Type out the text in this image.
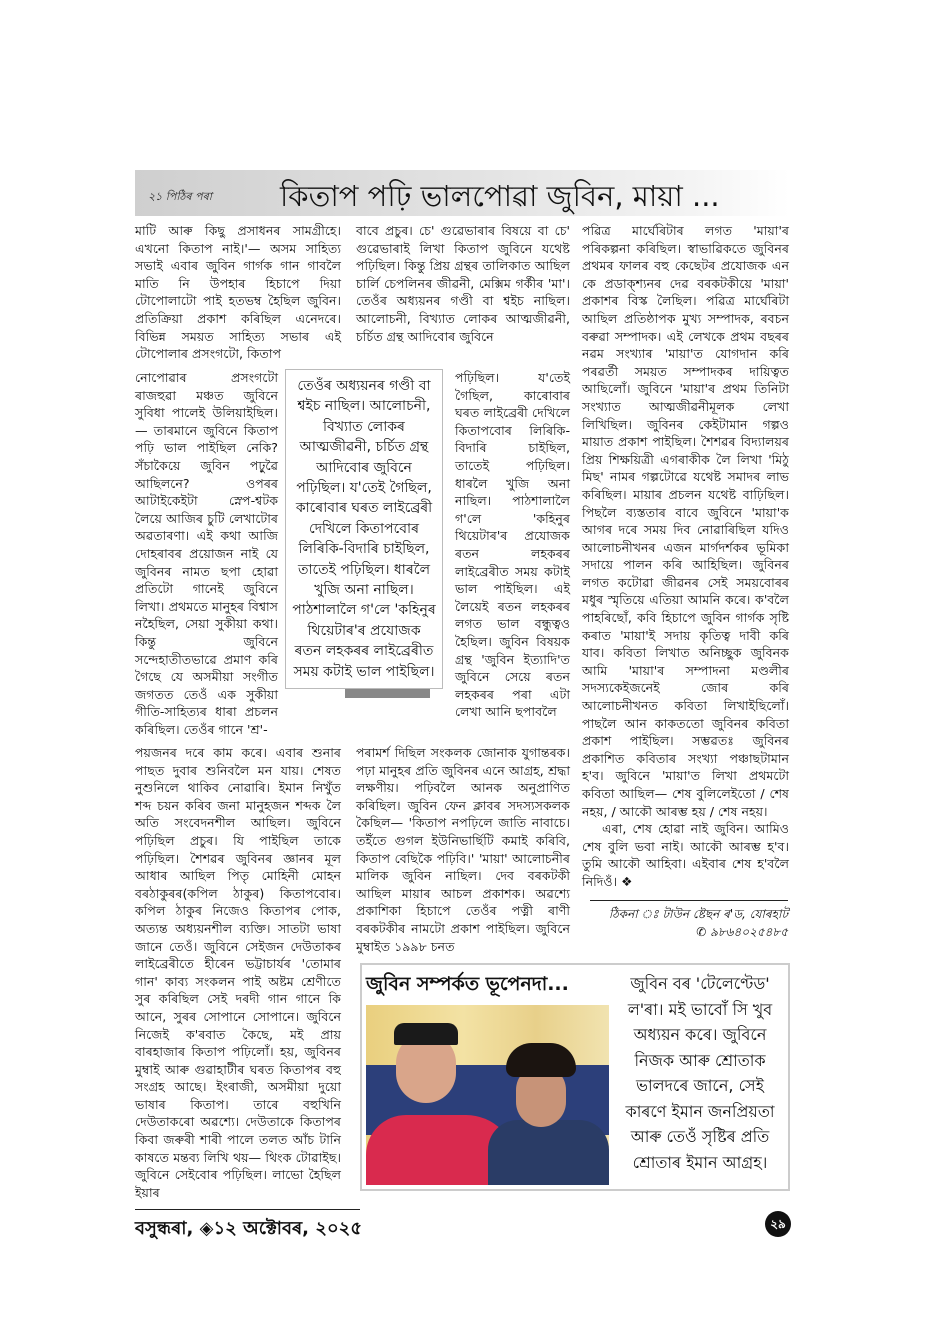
২১ পিঠিৰ পৰা কিতাপ পঢ়ি ভালপোৱা জুবিন, মায়া ...
মাটি আৰু কিছু প্ৰসাধনৰ সামগ্ৰীহে। এখনো কিতাপ নাই।'— অসম সাহিত্য সভাই এবাৰ জুবিন গাৰ্গক গান গাবলৈ মাতি নি উপহাৰ হিচাপে দিয়া টোপোলাটো পাই হতভম্ব হৈছিল জুবিন। প্ৰতিক্ৰিয়া প্ৰকাশ কৰিছিল এনেদৰে। বিভিন্ন সময়ত সাহিত্য সভাৰ এই টোপোলাৰ প্ৰসংগটো, কিতাপ
নোপোৱাৰ প্ৰসংগটো ৰাজহুৱা মঞ্চত জুবিনে সুবিধা পালেই উলিয়াইছিল।— তাৰমানে জুবিনে কিতাপ পঢ়ি ভাল পাইছিল নেকি? সঁচাকৈয়ে জুবিন পঢ়ুৱৈ আছিলনে? ওপৰৰ আটাইকেইটা স্নেপ-শ্বটক লৈয়ে আজিৰ চুটি লেখাটোৰ অৱতাৰণা। এই কথা আজি দোহৰাবৰ প্ৰয়োজন নাই যে জুবিনৰ নামত ছপা হোৱা প্ৰতিটো গানেই জুবিনে লিখা। প্ৰথমতে মানুহৰ বিশ্বাস নহৈছিল, সেয়া সুকীয়া কথা। কিন্তু জুবিনে সন্দেহাতীতভাৱে প্ৰমাণ কৰি গৈছে যে অসমীয়া সংগীত জগতত তেওঁ এক সুকীয়া গীতি-সাহিত্যৰ ধাৰা প্ৰচলন কৰিছিল। তেওঁৰ গানে 'শ্ৰ'-
পয়জনৰ দৰে কাম কৰে। এবাৰ শুনাৰ পাছত দুবাৰ শুনিবলৈ মন যায়। শেষত নুশুনিলে থাকিব নোৱাৰি। ইমান নিখুঁত শব্দ চয়ন কৰিব জনা মানুহজন শব্দক লৈ অতি সংবেদনশীল আছিল। জুবিনে পঢ়িছিল প্ৰচুৰ। যি পাইছিল তাকে পঢ়িছিল। শৈশৱৰ জুবিনৰ জ্ঞানৰ মূল আধাৰ আছিল পিতৃ মোহিনী মোহন বৰঠাকুৰৰ(কপিল ঠাকুৰ) কিতাপবোৰ। কপিল ঠাকুৰ নিজেও কিতাপৰ পোক, অত্যন্ত অধ্যয়নশীল ব্যক্তি। সাতটা ভাষা জানে তেওঁ। জুবিনে সেইজন দেউতাকৰ লাইব্ৰেৰীতে হীৰেন ভট্টাচাৰ্যৰ 'তোমাৰ গান' কাব্য সংকলন পাই অষ্টম শ্ৰেণীতে সুৰ কৰিছিল সেই দৰদী গান গানে কি আনে, সুৰৰ সোপানে সোপানে। জুবিনে নিজেই ক'ৰবাত কৈছে, মই প্ৰায় বাৰহাজাৰ কিতাপ পঢ়িলোঁ। হয়, জুবিনৰ মুম্বাই আৰু গুৱাহাটীৰ ঘৰত কিতাপৰ বহু সংগ্ৰহ আছে। ইংৰাজী, অসমীয়া দুয়ো ভাষাৰ কিতাপ। তাৰে বহুখিনি দেউতাকৰো অৱশ্যে। দেউতাকে কিতাপৰ কিবা জৰুৰী শাৰী পালে তলত আঁচ টানি কাষতে মন্তব্য লিখি থয়— থিংক টোৱাইছ। জুবিনে সেইবোৰ পঢ়িছিল। লাভো হৈছিল ইয়াৰ
বাবে প্ৰচুৰ। চে' গুৱেভাৰাৰ বিষয়ে বা চে' গুৱেভাৰাই লিখা কিতাপ জুবিনে যথেষ্ট পঢ়িছিল। কিন্তু প্ৰিয় গ্ৰন্থৰ তালিকাত আছিল চাৰ্লি চেপলিনৰ জীৱনী, মেক্সিম গৰ্কীৰ 'মা'। তেওঁৰ অধ্যয়নৰ গণ্ডী বা শ্বইচ নাছিল। আলোচনী, বিখ্যাত লোকৰ আত্মজীৱনী, চৰ্চিত গ্ৰন্থ আদিবোৰ জুবিনে
পঢ়িছিল। য'তেই গৈছিল, কাৰোবাৰ ঘৰত লাইব্ৰেৰী দেখিলে কিতাপবোৰ লিৰিকি-বিদাৰি চাইছিল, তাতেই পঢ়িছিল। ধাৰলৈ খুজি অনা নাছিল। পাঠশালালৈ গ'লে 'কহিনুৰ থিয়েটাৰ'ৰ প্ৰযোজক ৰতন লহকৰৰ লাইব্ৰেৰীত সময় কটাই ভাল পাইছিল। এই লৈয়েই ৰতন লহকৰৰ লগত ভাল বন্ধুত্বও হৈছিল। জুবিন বিষয়ক গ্ৰন্থ 'জুবিন ইত্যাদি'ত জুবিনে সেয়ে ৰতন লহকৰৰ পৰা এটা লেখা আনি ছপাবলৈ
পৰামৰ্শ দিছিল সংকলক জোনাক যুগান্তৰক। পঢ়া মানুহৰ প্ৰতি জুবিনৰ এনে আগ্ৰহ, শ্ৰদ্ধা লক্ষণীয়। পঢ়িবলৈ আনক অনুপ্ৰাণিত কৰিছিল। জুবিন ফেন ক্লাবৰ সদস্যসকলক কৈছিল— 'কিতাপ নপঢ়িলে জাতি নাবাচে। তইঁতে গুগল ইউনিভাৰ্ছিটি কমাই কৰিবি, কিতাপ বেছিকৈ পঢ়িবি।' 'মায়া' আলোচনীৰ মালিক জুবিন নাছিল। দেব বৰকটকী আছিল মায়াৰ আচল প্ৰকাশক। অৱশ্যে প্ৰকাশিকা হিচাপে তেওঁৰ পত্নী ৰাণী বৰকটকীৰ নামটো প্ৰকাশ পাইছিল। জুবিনে মুম্বাইত ১৯৯৮ চনত
তেওঁৰ অধ্যয়নৰ গণ্ডী বা শ্বইচ নাছিল। আলোচনী, বিখ্যাত লোকৰ আত্মজীৱনী, চৰ্চিত গ্ৰন্থ আদিবোৰ জুবিনে পঢ়িছিল। য'তেই গৈছিল, কাৰোবাৰ ঘৰত লাইব্ৰেৰী দেখিলে কিতাপবোৰ লিৰিকি-বিদাৰি চাইছিল, তাতেই পঢ়িছিল। ধাৰলৈ খুজি অনা নাছিল। পাঠশালালৈ গ'লে 'কহিনুৰ থিয়েটাৰ'ৰ প্ৰযোজক ৰতন লহকৰৰ লাইব্ৰেৰীত সময় কটাই ভাল পাইছিল।
পৱিত্ৰ মাৰ্ঘেৰিটাৰ লগত 'মায়া'ৰ পৰিকল্পনা কৰিছিল। স্বাভাৱিকতে জুবিনৰ প্ৰথমৰ ফালৰ বহু কেছেটৰ প্ৰযোজক এন কে প্ৰডাক্শ্যনৰ দেৱ বৰকটকীয়ে 'মায়া' প্ৰকাশৰ বিস্ক লৈছিল। পৱিত্ৰ মাৰ্ঘেৰিটা আছিল প্ৰতিষ্ঠাপক মুখ্য সম্পাদক, ৰবচন বৰুৱা সম্পাদক। এই লেখকে প্ৰথম বছৰৰ নৱম সংখ্যাৰ 'মায়া'ত যোগদান কৰি পৰৱৰ্তী সময়ত সম্পাদকৰ দায়িত্বত আছিলোঁ। জুবিনে 'মায়া'ৰ প্ৰথম তিনিটা সংখ্যাত আত্মজীৱনীমূলক লেখা লিখিছিল। জুবিনৰ কেইটামান গল্পও মায়াত প্ৰকাশ পাইছিল। শৈশৱৰ বিদ্যালয়ৰ প্ৰিয় শিক্ষয়িত্ৰী এগৰাকীক লৈ লিখা 'মিঠু মিছ' নামৰ গল্পটোৱে যথেষ্ট সমাদৰ লাভ কৰিছিল। মায়াৰ প্ৰচলন যথেষ্ট বাঢ়িছিল। পিছলৈ ব্যস্ততাৰ বাবে জুবিনে 'মায়া'ক আগৰ দৰে সময় দিব নোৱাৰিছিল যদিও আলোচনীখনৰ এজন মাৰ্গদৰ্শকৰ ভূমিকা সদায়ে পালন কৰি আহিছিল। জুবিনৰ লগত কটোৱা জীৱনৰ সেই সময়বোৰৰ মধুৰ স্মৃতিয়ে এতিয়া আমনি কৰে। ক'বলৈ পাহৰিছোঁ, কবি হিচাপে জুবিন গাৰ্গক সৃষ্টি কৰাত 'মায়া'ই সদায় কৃতিত্ব দাবী কৰি যাব। কবিতা লিখাত অনিচ্ছুক জুবিনক আমি 'মায়া'ৰ সম্পাদনা মণ্ডলীৰ সদস্যকেইজনেই জোৰ কৰি আলোচনীখনত কবিতা লিখাইছিলোঁ। পাছলৈ আন কাকততো জুবিনৰ কবিতা প্ৰকাশ পাইছিল। সম্ভৱতঃ জুবিনৰ প্ৰকাশিত কবিতাৰ সংখ্যা পঞ্চাছটামান হ'ব। জুবিনে 'মায়া'ত লিখা প্ৰথমটো কবিতা আছিল— শেষ বুলিলেইতো / শেষ নহয়, / আকৌ আৰম্ভ হয় / শেষ নহয়।
এৰা, শেষ হোৱা নাই জুবিন। আমিও শেষ বুলি ভবা নাই। আকৌ আৰম্ভ হ'ব। তুমি আকৌ আহিবা। এইবাৰ শেষ হ'বলৈ নিদিওঁ। ❖
ঠিকনা ঃ টাউন ষ্টেছন ৰ'ড, যোৰহাট
✆ ৯৮৬৪০২৫৪৮৫
জুবিন সম্পৰ্কত ভূপেনদা...	জুবিন বৰ 'টেলেণ্টেড' ল'ৰা। মই ভাবোঁ সি খুব অধ্যয়ন কৰে। জুবিনে নিজক আৰু শ্ৰোতাক ভালদৰে জানে, সেই কাৰণে ইমান জনপ্ৰিয়তা আৰু তেওঁ সৃষ্টিৰ প্ৰতি শ্ৰোতাৰ ইমান আগ্ৰহ।
বসুন্ধৰা, ◈১২ অক্টোবৰ, ২০২৫	২৯
